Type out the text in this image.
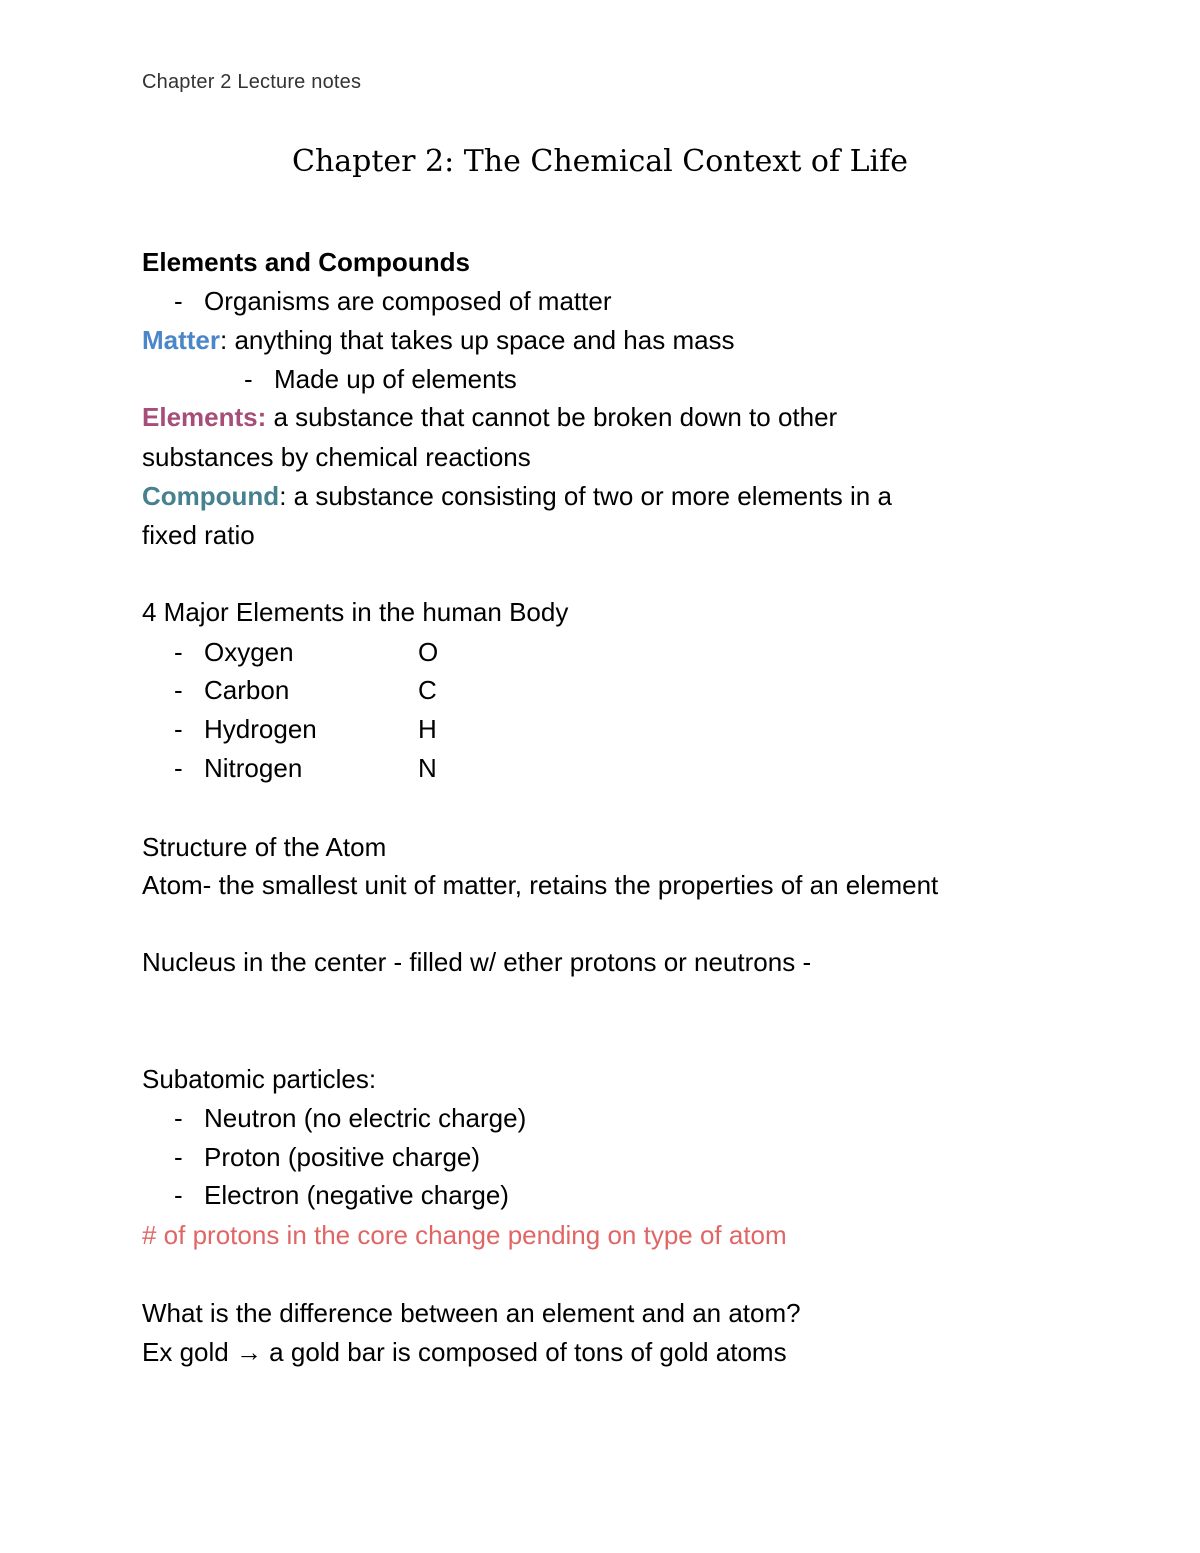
Chapter 2 Lecture notes
Chapter 2: The Chemical Context of Life
Elements and Compounds
- Organisms are composed of matter
Matter: anything that takes up space and has mass
- Made up of elements
Elements: a substance that cannot be broken down to other
substances by chemical reactions
Compound: a substance consisting of two or more elements in a
fixed ratio
4 Major Elements in the human Body
- Oxygen	O
- Carbon	C
- Hydrogen	H
- Nitrogen	N
Structure of the Atom
Atom- the smallest unit of matter, retains the properties of an element
Nucleus in the center - filled w/ ether protons or neutrons -
Subatomic particles:
- Neutron (no electric charge)
- Proton (positive charge)
- Electron (negative charge)
# of protons in the core change pending on type of atom
What is the difference between an element and an atom?
Ex gold → a gold bar is composed of tons of gold atoms
